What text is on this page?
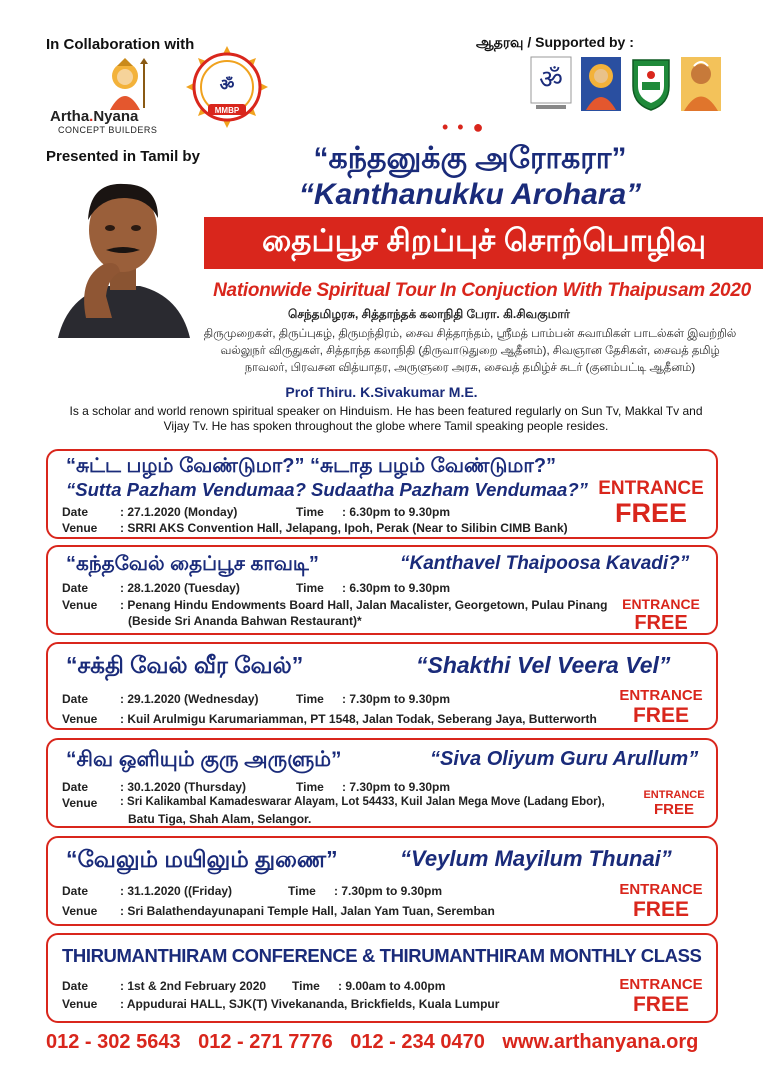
In Collaboration with
Artha.Nyana
CONCEPT BUILDERS
ॐ
MMBP
Presented in Tamil by
ஆதரவு / Supported by :
ॐ
• • ●
“கந்தனுக்கு அரோகரா”
“Kanthanukku Arohara”
தைப்பூச சிறப்புச் சொற்பொழிவு
Nationwide Spiritual Tour In Conjuction With Thaipusam 2020
செந்தமிழரசு, சித்தாந்தக் கலாநிதி பேரா. கி.சிவகுமார்
திருமுறைகள், திருப்புகழ், திருமந்திரம், சைவ சித்தாந்தம், ஸ்ரீமத் பாம்பன் சுவாமிகள் பாடல்கள் இவற்றில் வல்லுநர் விருதுகள், சித்தாந்த கலாநிதி (திருவாடுதுறை ஆதீனம்), சிவஞான தேசிகள், சைவத் தமிழ் நாவலர், பிரவசன வித்யாதர, அருளுரை அரசு, சைவத் தமிழ்ச் சுடர் (குனம்பட்டி ஆதீனம்)
Prof Thiru. K.Sivakumar M.E.
Is a scholar and world renown spiritual speaker on Hinduism. He has been featured regularly on Sun Tv, Makkal Tv and Vijay Tv. He has spoken throughout the globe where Tamil speaking people resides.
“சுட்ட பழம் வேண்டுமா?” “சுடாத பழம் வேண்டுமா?”
“Sutta Pazham Vendumaa? Sudaatha Pazham Vendumaa?”
Date	: 27.1.2020 (Monday)	Time : 6.30pm to 9.30pm
Venue : SRRI AKS Convention Hall, Jelapang, Ipoh, Perak (Near to Silibin CIMB Bank)
ENTRANCE
FREE
“கந்தவேல் தைப்பூச காவடி”	“Kanthavel Thaipoosa Kavadi?”
Date	: 28.1.2020 (Tuesday)	Time : 6.30pm to 9.30pm
Venue : Penang Hindu Endowments Board Hall, Jalan Macalister, Georgetown, Pulau Pinang
(Beside Sri Ananda Bahwan Restaurant)*
ENTRANCE
FREE
“சக்தி வேல் வீர வேல்”	“Shakthi Vel Veera Vel”
Date	: 29.1.2020 (Wednesday)	Time : 7.30pm to 9.30pm
Venue : Kuil Arulmigu Karumariamman, PT 1548, Jalan Todak, Seberang Jaya, Butterworth
ENTRANCE
FREE
“சிவ ஒளியும் குரு அருளும்”	“Siva Oliyum Guru Arullum”
Date	: 30.1.2020 (Thursday)	Time : 7.30pm to 9.30pm
Venue : Sri Kalikambal Kamadeswarar Alayam, Lot 54433, Kuil Jalan Mega Move (Ladang Ebor),
Batu Tiga, Shah Alam, Selangor.
ENTRANCE
FREE
“வேலும் மயிலும் துணை”	“Veylum Mayilum Thunai”
Date	: 31.1.2020 ((Friday)	Time : 7.30pm to 9.30pm
Venue : Sri Balathendayunapani Temple Hall, Jalan Yam Tuan, Seremban
ENTRANCE
FREE
THIRUMANTHIRAM CONFERENCE & THIRUMANTHIRAM MONTHLY CLASS
Date	: 1st & 2nd February 2020 Time : 9.00am to 4.00pm
Venue : Appudurai HALL, SJK(T) Vivekananda, Brickfields, Kuala Lumpur
ENTRANCE
FREE
012 - 302 5643 012 - 271 7776 012 - 234 0470 www.arthanyana.org
